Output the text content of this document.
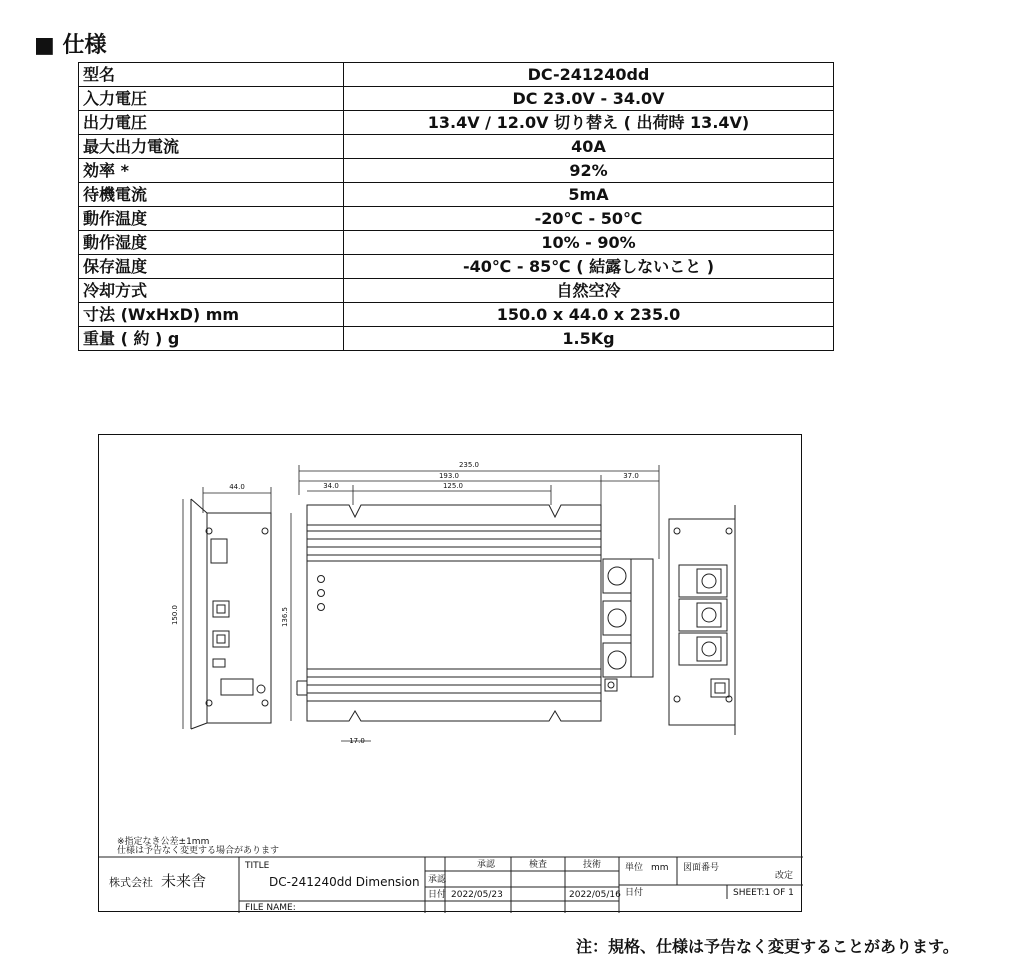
■ 仕様
型名	DC-241240dd
入力電圧	DC 23.0V - 34.0V
出力電圧	13.4V / 12.0V 切り替え ( 出荷時 13.4V)
最大出力電流	40A
効率 *	92%
待機電流	5mA
動作温度	-20℃ - 50℃
動作湿度	10% - 90%
保存温度	-40℃ - 85℃ ( 結露しないこと )
冷却方式	自然空冷
寸法 (WxHxD) mm	150.0 x 44.0 x 235.0
重量 ( 約 ) g	1.5Kg
235.0
193.0
125.0
34.0
37.0
44.0
150.0	136.5
17.0
※指定なき公差±1mm
仕様は予告なく変更する場合があります
株式会社 未来舎
TITLE
DC-241240dd Dimension
FILE NAME:
承認	検査	技術
承認
日付 2022/05/23	2022/05/16
単位 mm 図面番号
改定
日付	SHEET:1 OF 1
注：規格、仕様は予告なく変更することがあります。
